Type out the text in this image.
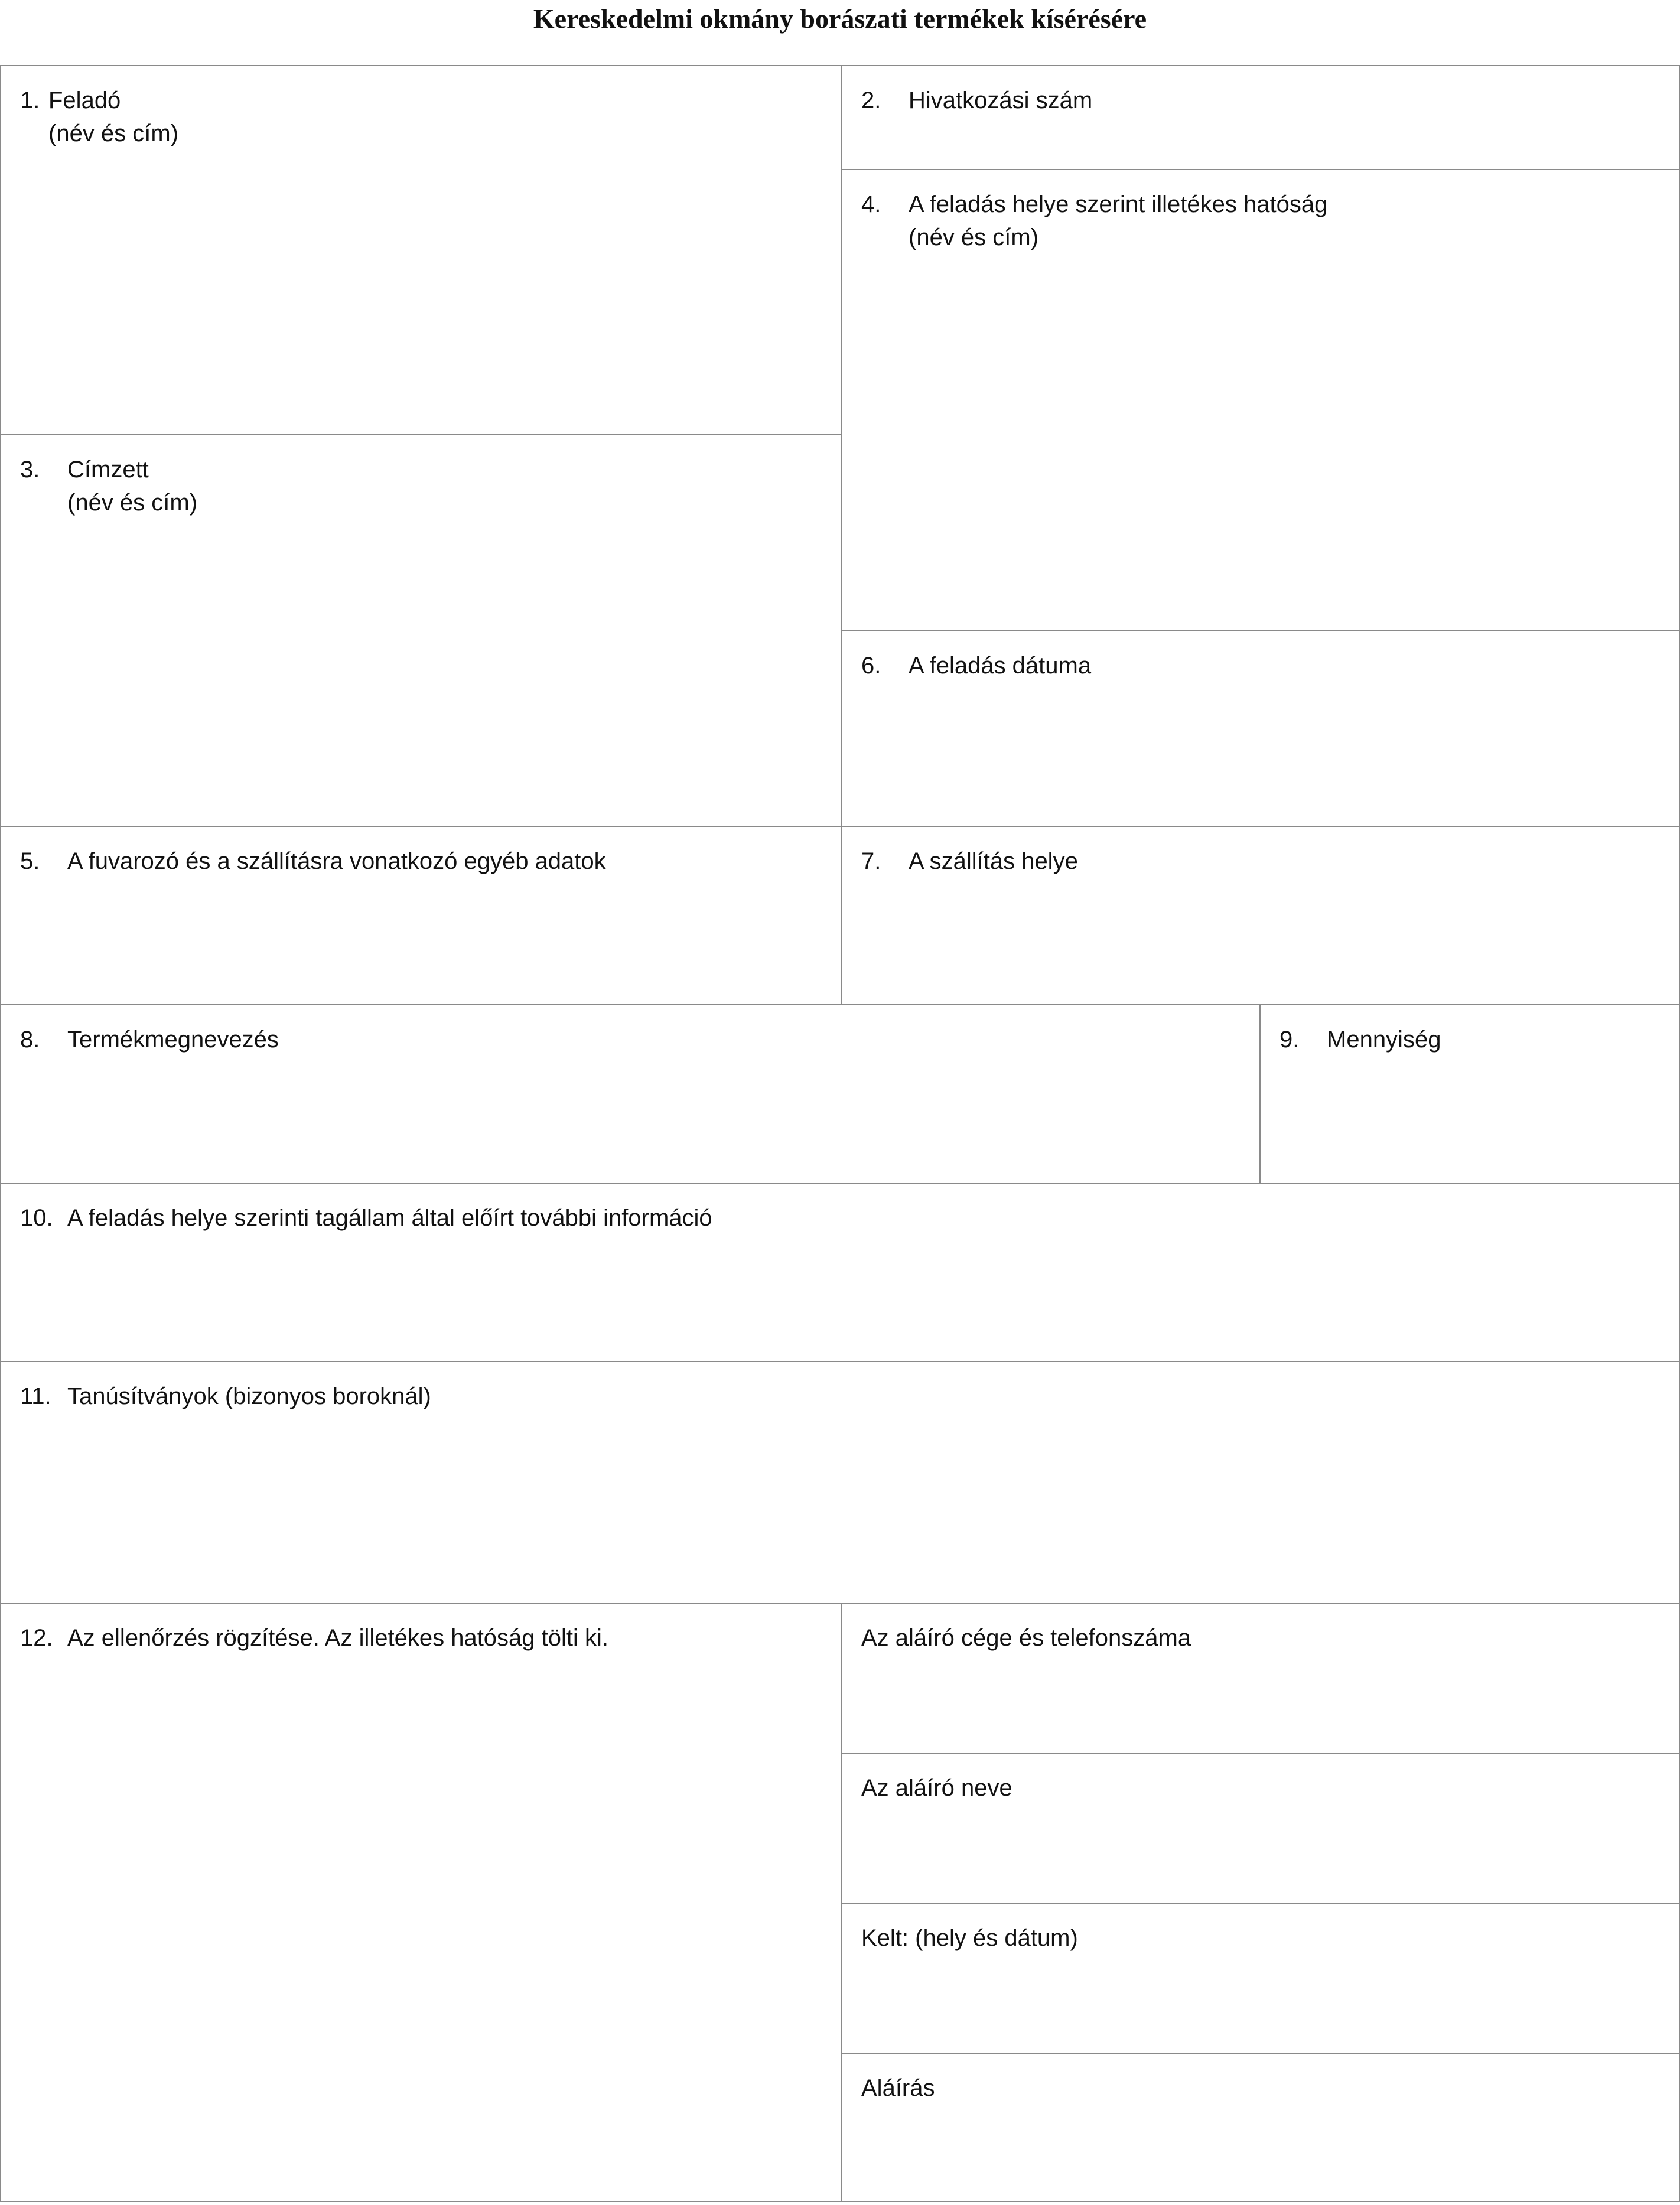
Kereskedelmi okmány borászati termékek kísérésére
1. Feladó
(név és cím)
2. Hivatkozási szám
4. A feladás helye szerint illetékes hatóság
(név és cím)
3. Címzett
(név és cím)
6. A feladás dátuma
5. A fuvarozó és a szállításra vonatkozó egyéb adatok	7. A szállítás helye
8. Termékmegnevezés	9. Mennyiség
10. A feladás helye szerinti tagállam által előírt további információ
11. Tanúsítványok (bizonyos boroknál)
12. Az ellenőrzés rögzítése. Az illetékes hatóság tölti ki.	Az aláíró cége és telefonszáma
Az aláíró neve
Kelt: (hely és dátum)
Aláírás
